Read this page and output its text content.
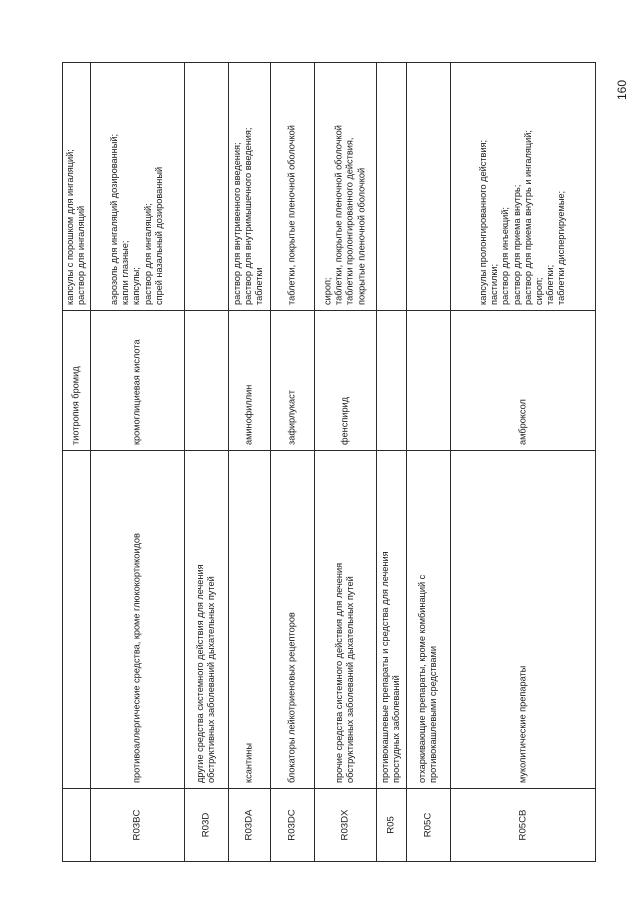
160
тиотропия бромид
капсулы с порошком для ингаляций; раствор для ингаляций
R03BC
противоаллергические средства, кроме глюкокортикоидов
кромоглициевая кислота
аэрозоль для ингаляций дозированный; капли глазные; капсулы; раствор для ингаляций; спрей назальный дозированный
R03D
другие средства системного действия для лечения обструктивных заболеваний дыхательных путей
R03DA
ксантины
аминофиллин
раствор для внутривенного введения; раствор для внутримышечного введения; таблетки
R03DC
блокаторы лейкотриеновых рецепторов
зафирлукаст
таблетки, покрытые пленочной оболочкой
R03DX
прочие средства системного действия для лечения обструктивных заболеваний дыхательных путей
фенспирид
сироп; таблетки, покрытые пленочной оболочкой таблетки пролонгированного действия, покрытые пленочной оболочкой
R05
противокашлевые препараты и средства для лечения простудных заболеваний
R05C
отхаркивающие препараты, кроме комбинаций с противокашлевыми средствами
R05CB
муколитические препараты
амброксол
капсулы пролонгированного действия; пастилки; раствор для инъекций; раствор для приема внутрь; раствор для приема внутрь и ингаляций; сироп; таблетки; таблетки диспергируемые;
